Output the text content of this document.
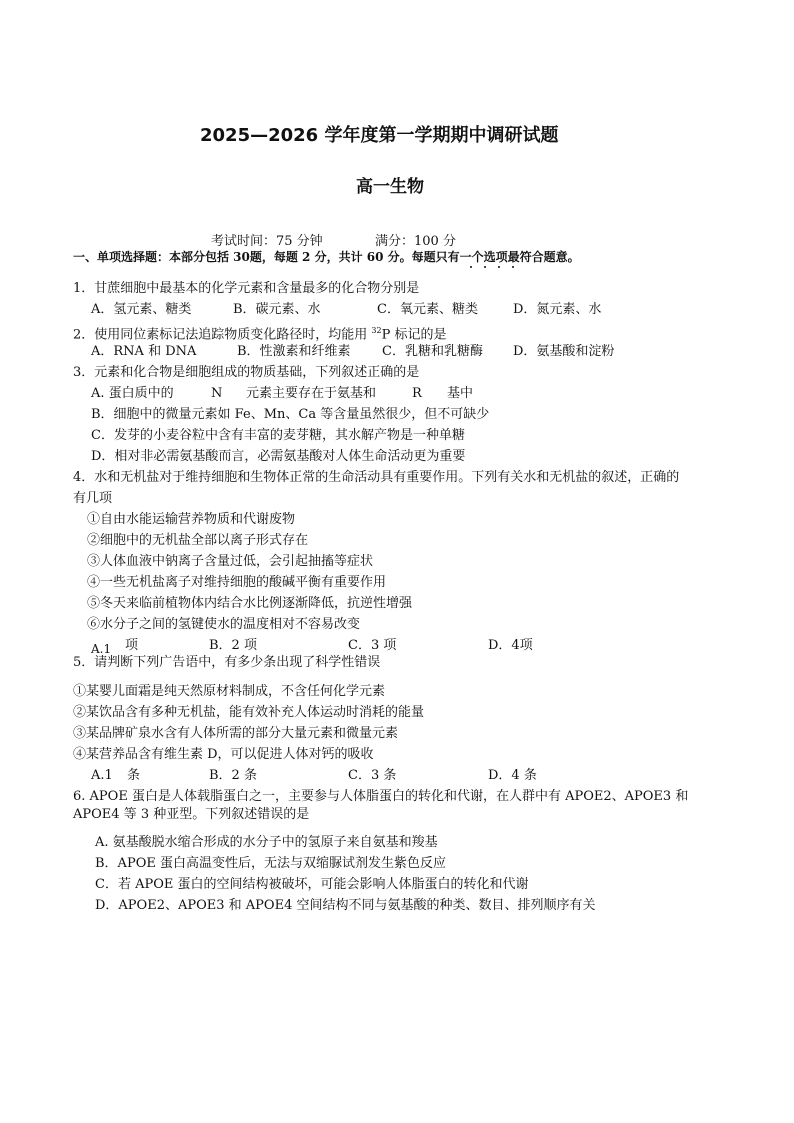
2025—2026 学年度第一学期期中调研试题
高一生物
考试时间：75 分钟	满分：100 分
一、单项选择题：本部分包括 30题，每题 2 分，共计 60 分。每题只有一个选项最符合题意。
1．甘蔗细胞中最基本的化学元素和含量最多的化合物分别是
A．氢元素、糖类	B．碳元素、水	C．氧元素、糖类	D．氮元素、水
2．使用同位素标记法追踪物质变化路径时，均能用 $^{32}$P 标记的是
A．RNA 和 DNA	B．性激素和纤维素 C．乳糖和乳糖酶 D．氨基酸和淀粉
3．元素和化合物是细胞组成的物质基础，下列叙述正确的是
A. 蛋白质中的	N 元素主要存在于氨基和	R 基中
B．细胞中的微量元素如 Fe、Mn、Ca 等含量虽然很少，但不可缺少
C．发芽的小麦谷粒中含有丰富的麦芽糖，其水解产物是一种单糖
D．相对非必需氨基酸而言，必需氨基酸对人体生命活动更为重要
4．水和无机盐对于维持细胞和生物体正常的生命活动具有重要作用。下列有关水和无机盐的叙述，正确的
有几项
①自由水能运输营养物质和代谢废物
②细胞中的无机盐全部以离子形式存在
③人体血液中钠离子含量过低，会引起抽搐等症状
④一些无机盐离子对维持细胞的酸碱平衡有重要作用
⑤冬天来临前植物体内结合水比例逐渐降低，抗逆性增强
⑥水分子之间的氢键使水的温度相对不容易改变
A.1 项	B．2 项	C．3 项	D．4项
5．请判断下列广告语中，有多少条出现了科学性错误
①某婴儿面霜是纯天然原材料制成，不含任何化学元素
②某饮品含有多种无机盐，能有效补充人体运动时消耗的能量
③某品牌矿泉水含有人体所需的部分大量元素和微量元素
④某营养品含有维生素 D，可以促进人体对钙的吸收
A.1 条	B．2 条	C．3 条	D．4 条
6. APOE 蛋白是人体载脂蛋白之一，主要参与人体脂蛋白的转化和代谢，在人群中有 APOE2、APOE3 和
APOE4 等 3 种亚型。下列叙述错误的是
A. 氨基酸脱水缩合形成的水分子中的氢原子来自氨基和羧基
B．APOE 蛋白高温变性后，无法与双缩脲试剂发生紫色反应
C．若 APOE 蛋白的空间结构被破坏，可能会影响人体脂蛋白的转化和代谢
D．APOE2、APOE3 和 APOE4 空间结构不同与氨基酸的种类、数目、排列顺序有关
